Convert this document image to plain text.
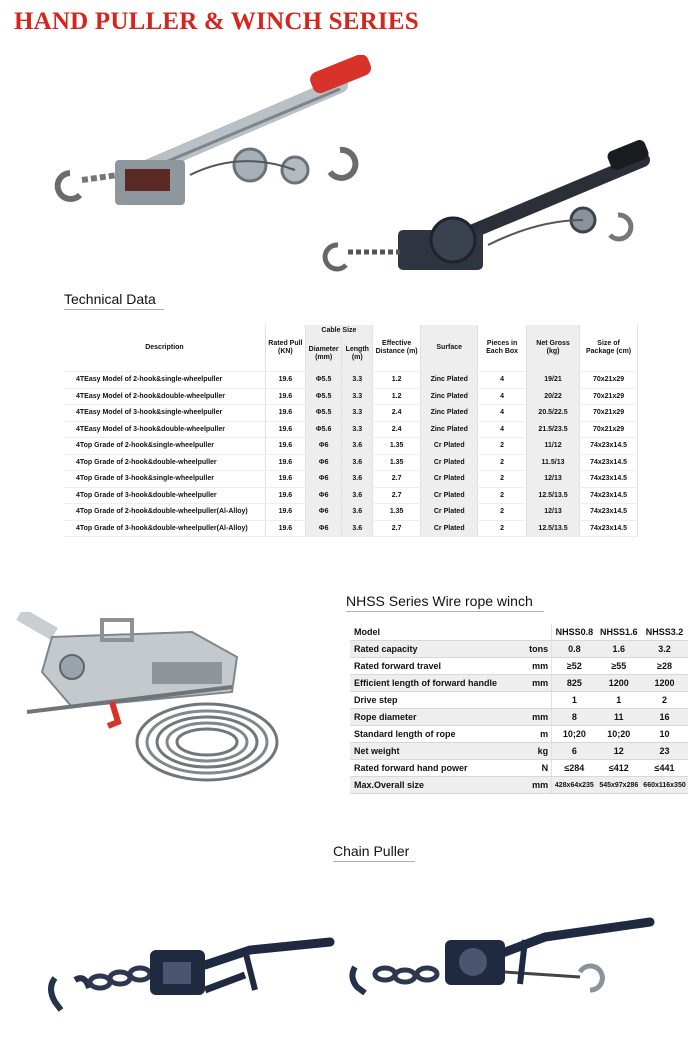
HAND PULLER & WINCH SERIES
Technical Data
Description	Rated Pull (KN)	Cable Size		Effective Distance (m)	Surface	Pieces in Each Box	Net Gross (kg)	Size of Package (cm)
		Diameter (mm)	Length (m)					
4TEasy Model of 2-hook&single-wheelpuller	19.6	Φ5.5	3.3	1.2	Zinc Plated	4	19/21	70x21x29
4TEasy Model of 2-hook&double-wheelpuller	19.6	Φ5.5	3.3	1.2	Zinc Plated	4	20/22	70x21x29
4TEasy Model of 3-hook&single-wheelpuller	19.6	Φ5.5	3.3	2.4	Zinc Plated	4	20.5/22.5	70x21x29
4TEasy Model of 3-hook&double-wheelpuller	19.6	Φ5.6	3.3	2.4	Zinc Plated	4	21.5/23.5	70x21x29
4Top Grade of 2-hook&single-wheelpuller	19.6	Φ6	3.6	1.35	Cr Plated	2	11/12	74x23x14.5
4Top Grade of 2-hook&double-wheelpuller	19.6	Φ6	3.6	1.35	Cr Plated	2	11.5/13	74x23x14.5
4Top Grade of 3-hook&single-wheelpuller	19.6	Φ6	3.6	2.7	Cr Plated	2	12/13	74x23x14.5
4Top Grade of 3-hook&double-wheelpuller	19.6	Φ6	3.6	2.7	Cr Plated	2	12.5/13.5	74x23x14.5
4Top Grade of 2-hook&double-wheelpuller(Al-Alloy)	19.6	Φ6	3.6	1.35	Cr Plated	2	12/13	74x23x14.5
4Top Grade of 3-hook&double-wheelpuller(Al-Alloy)	19.6	Φ6	3.6	2.7	Cr Plated	2	12.5/13.5	74x23x14.5
NHSS Series Wire rope winch
Model		NHSS0.8	NHSS1.6	NHSS3.2
Rated capacity	tons	0.8	1.6	3.2
Rated forward travel	mm	≥52	≥55	≥28
Efficient length of forward handle	mm	825	1200	1200
Drive step		1	1	2
Rope diameter	mm	8	11	16
Standard length of rope	m	10;20	10;20	10
Net weight	kg	6	12	23
Rated forward hand power	N	≤284	≤412	≤441
Max.Overall size	mm	428x64x235	545x97x286	660x116x350
Chain Puller
